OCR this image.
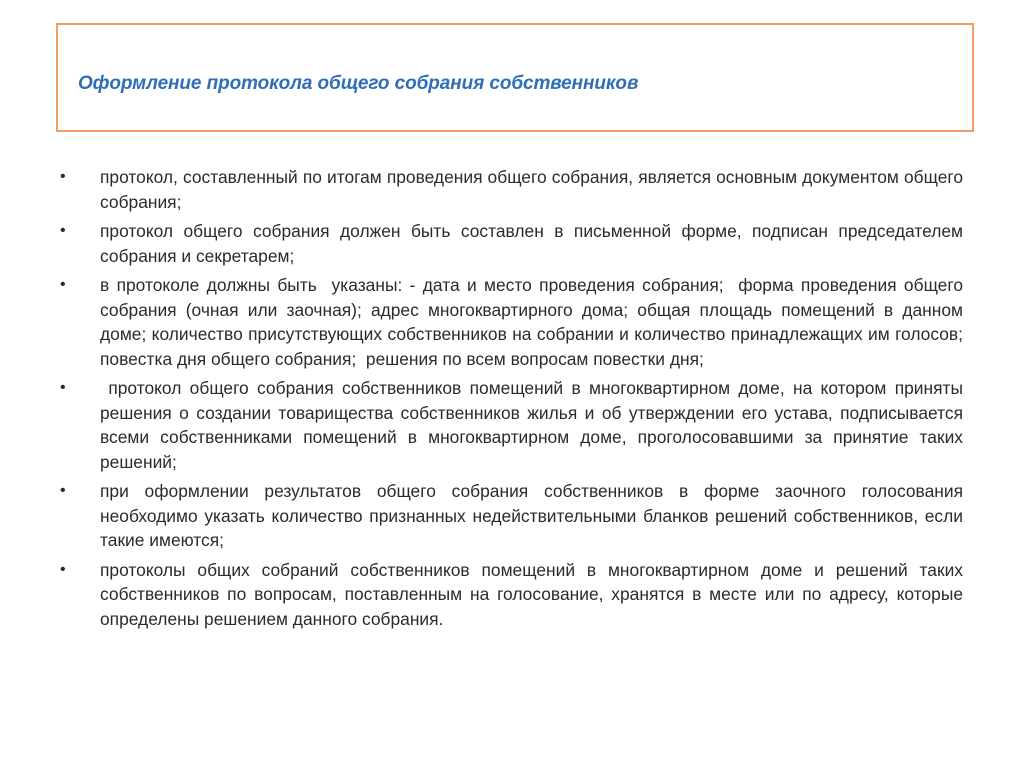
Оформление протокола общего собрания собственников
•	протокол, составленный по итогам проведения общего собрания, является основным документом общего собрания;
•	протокол общего собрания должен быть составлен в письменной форме, подписан председателем собрания и секретарем;
•	в протоколе должны быть  указаны: - дата и место проведения собрания;  форма проведения общего собрания (очная или заочная); адрес многоквартирного дома; общая площадь помещений в данном доме; количество присутствующих собственников на собрании и количество принадлежащих им голосов; повестка дня общего собрания;  решения по всем вопросам повестки дня;
•	протокол общего собрания собственников помещений в многоквартирном доме, на котором приняты решения о создании товарищества собственников жилья и об утверждении его устава, подписывается всеми собственниками помещений в многоквартирном доме, проголосовавшими за принятие таких решений;
•	при оформлении результатов общего собрания собственников в форме заочного голосования необходимо указать количество признанных недействительными бланков решений собственников, если такие имеются;
•	протоколы общих собраний собственников помещений в многоквартирном доме и решений таких собственников по вопросам, поставленным на голосование, хранятся в месте или по адресу, которые определены решением данного собрания.
